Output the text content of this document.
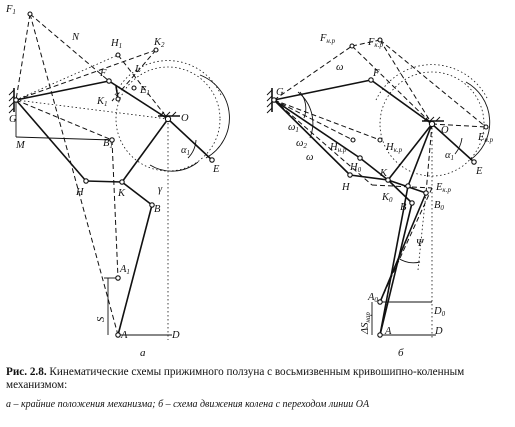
F1
N
H1	K2
L
F
K1
E1
G
M	B1
O
α1
E
H	K	γ
B
A1
A	D
S
а
Fн.р	Fк.р
ω
F
G
ω1
ω2
ω
Hн.р	Hк.р
O
Eн.р
α1
H0
H
K
K0
Eк.р
E
B	B0
Ψ
A0
D0
ΔSнар
A	D
б
Рис. 2.8. Кинематические схемы прижимного ползуна с восьмизвенным кривошипно-коленным механизмом:
а – крайние положения механизма; б – схема движения колена с переходом линии OA
